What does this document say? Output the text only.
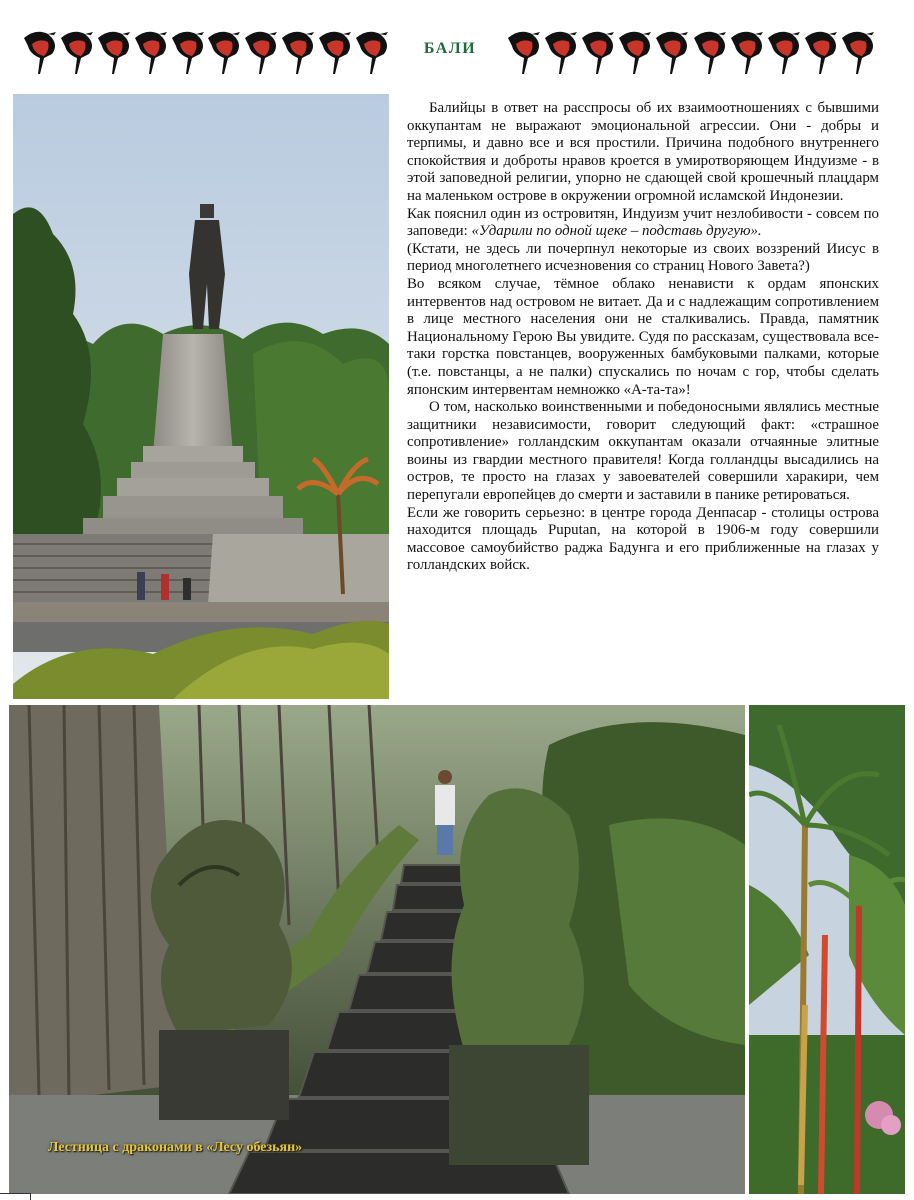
БАЛИ

Балийцы в ответ на расспросы об их взаимоотношениях с бывшими оккупантам не выражают эмоциональной агрессии. Они - добры и терпимы, и давно все и вся простили. Причина подобного внутреннего спокойствия и доброты нравов кроется в умиротворяющем Индуизме - в этой заповедной религии, упорно не сдающей свой крошечный плацдарм на маленьком острове в окружении огромной исламской Индонезии.

Как пояснил один из островитян, Индуизм учит незлобивости - совсем по заповеди: «Ударили по одной щеке – подставь другую».

(Кстати, не здесь ли почерпнул некоторые из своих воззрений Иисус в период многолетнего исчезновения со страниц Нового Завета?)

Во всяком случае, тёмное облако ненависти к ордам японских интервентов над островом не витает. Да и с надлежащим сопротивлением в лице местного населения они не сталкивались. Правда, памятник Национальному Герою Вы увидите. Судя по рассказам, существовала все-таки горстка повстанцев, вооруженных бамбуковыми палками, которые (т.е. повстанцы, а не палки) спускались по ночам с гор, чтобы сделать японским интервентам немножко «А-та-та»!

О том, насколько воинственными и победоносными являлись местные защитники независимости, говорит следующий факт: «страшное сопротивление» голландским оккупантам оказали отчаянные элитные воины из гвардии местного правителя! Когда голландцы высадились на остров, те просто на глазах у завоевателей совершили харакири, чем перепугали европейцев до смерти и заставили в панике ретироваться.

Если же говорить серьезно: в центре города Денпасар - столицы острова находится площадь Puputan, на которой в 1906-м году совершили массовое самоубийство раджа Бадунга и его приближенные на глазах у голландских войск.

Лестница с драконами в «Лесу обезьян»
